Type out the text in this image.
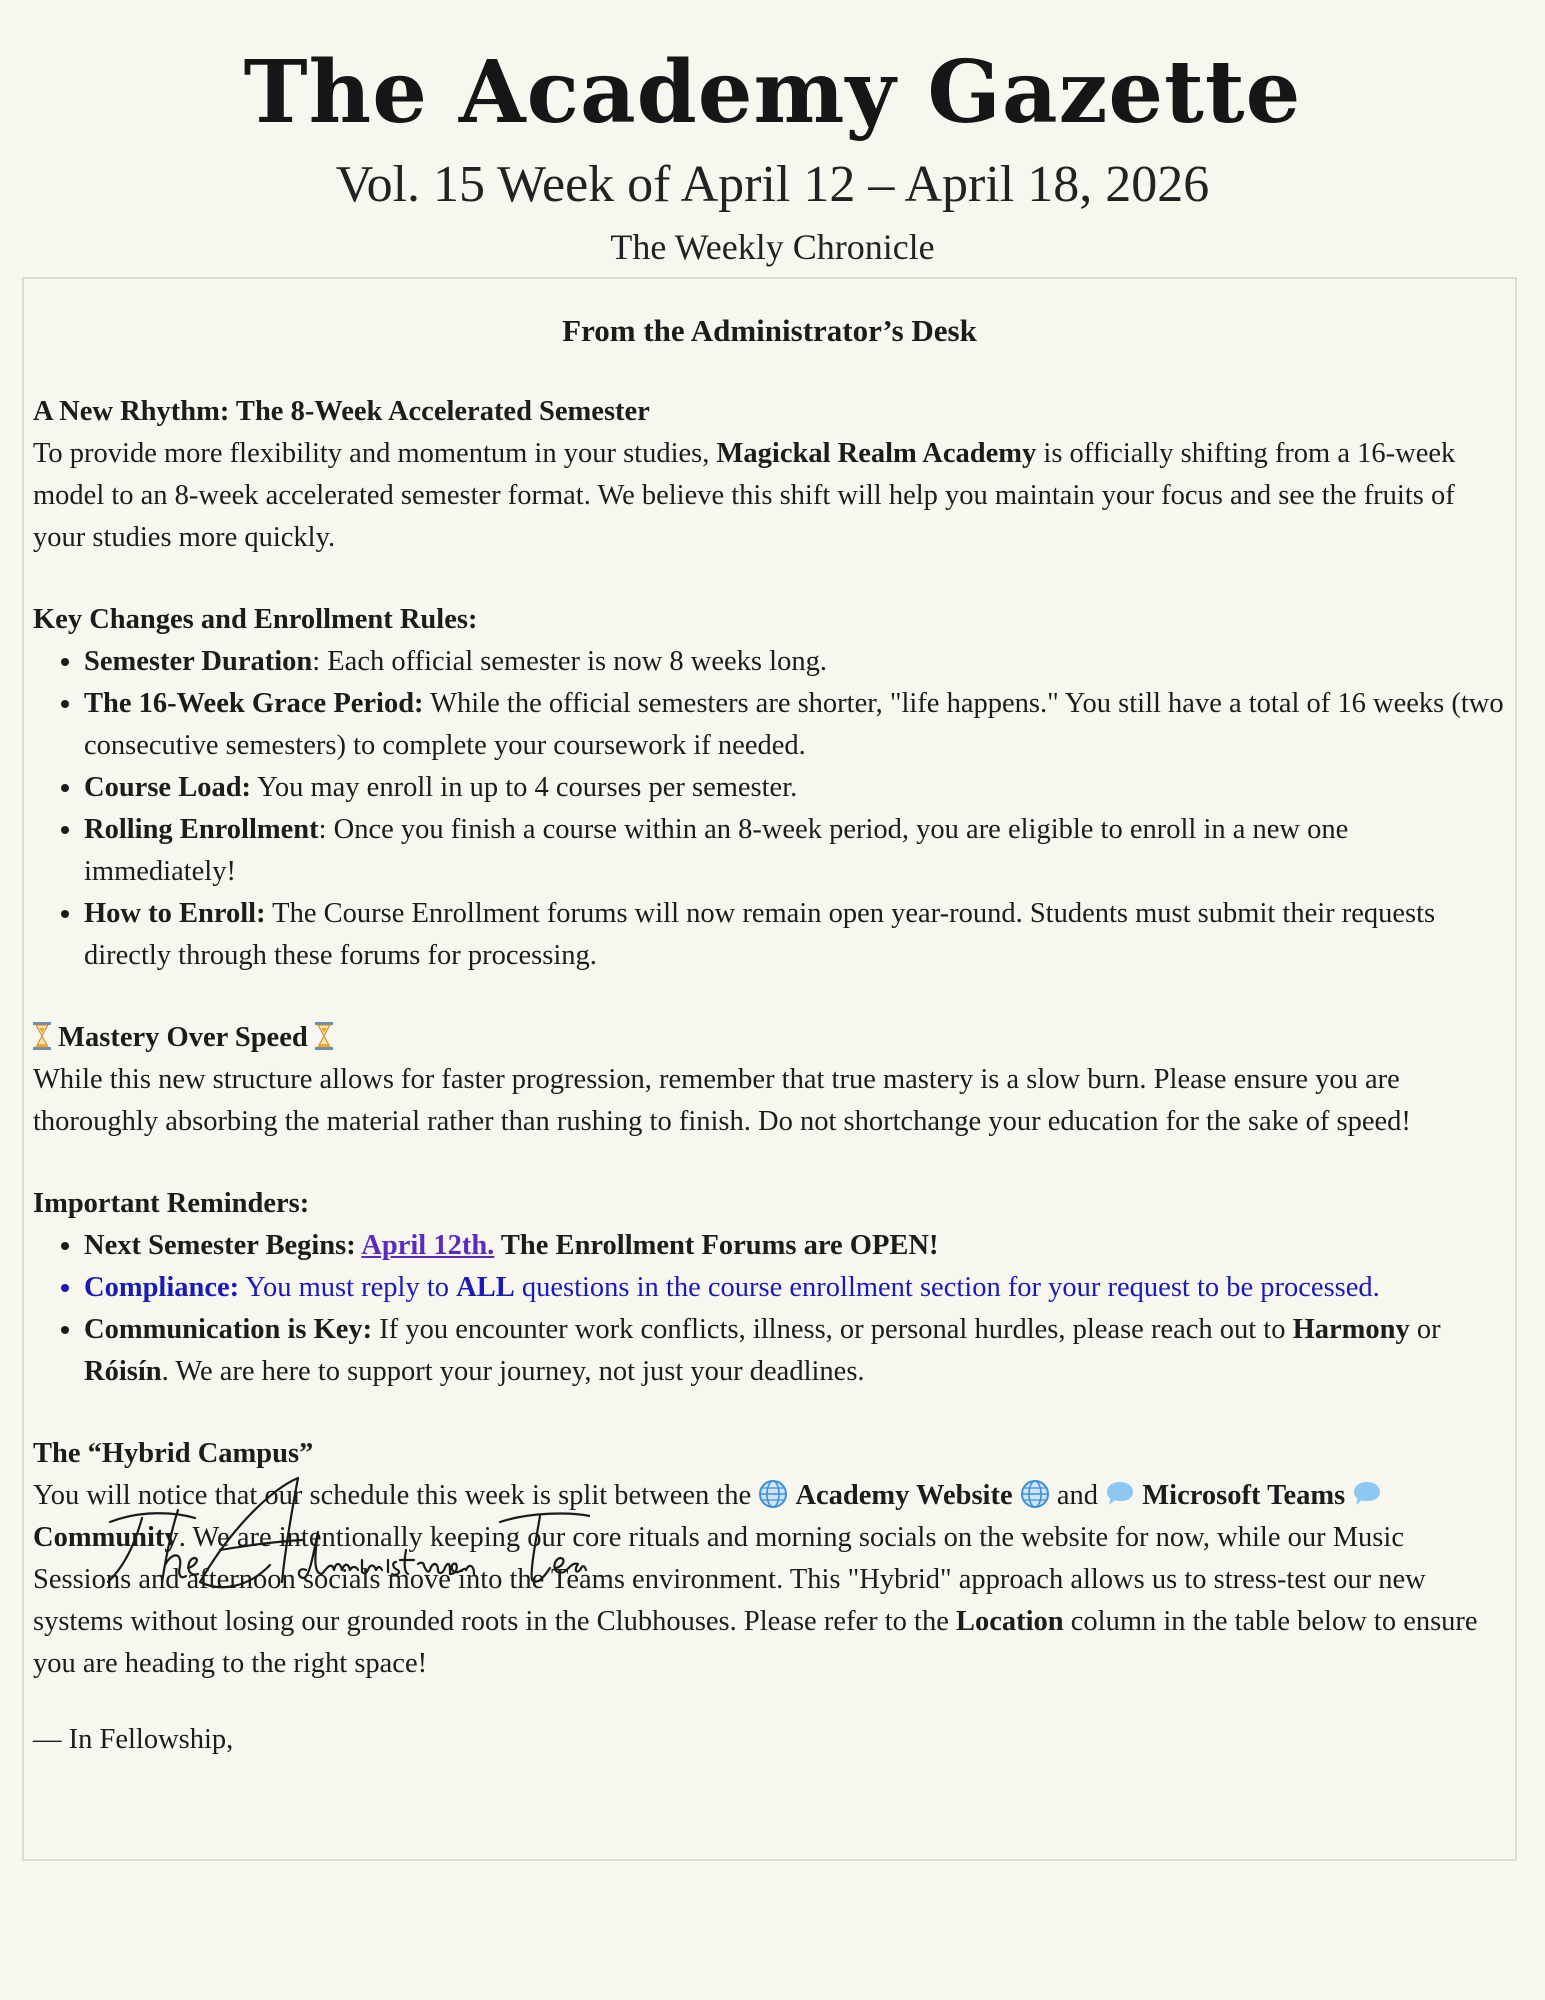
The Academy Gazette
Vol. 15 Week of April 12 – April 18, 2026
The Weekly Chronicle
From the Administrator’s Desk

A New Rhythm: The 8-Week Accelerated Semester

To provide more flexibility and momentum in your studies, Magickal Realm Academy is officially shifting from a 16-week model to an 8-week accelerated semester format. We believe this shift will help you maintain your focus and see the fruits of your studies more quickly.

Key Changes and Enrollment Rules:

• Semester Duration: Each official semester is now 8 weeks long.
• The 16-Week Grace Period: While the official semesters are shorter, "life happens." You still have a total of 16 weeks (two consecutive semesters) to complete your coursework if needed.
• Course Load: You may enroll in up to 4 courses per semester.
• Rolling Enrollment: Once you finish a course within an 8-week period, you are eligible to enroll in a new one immediately!
• How to Enroll: The Course Enrollment forums will now remain open year-round. Students must submit their requests directly through these forums for processing.

Mastery Over Speed

While this new structure allows for faster progression, remember that true mastery is a slow burn. Please ensure you are thoroughly absorbing the material rather than rushing to finish. Do not shortchange your education for the sake of speed!

Important Reminders:

• Next Semester Begins: April 12th. The Enrollment Forums are OPEN!
• Compliance: You must reply to ALL questions in the course enrollment section for your request to be processed.
• Communication is Key: If you encounter work conflicts, illness, or personal hurdles, please reach out to Harmony or Róisín. We are here to support your journey, not just your deadlines.

The “Hybrid Campus”

You will notice that our schedule this week is split between the  Academy Website  and  Microsoft Teams  Community. We are intentionally keeping our core rituals and morning socials on the website for now, while our Music Sessions and afternoon socials move into the Teams environment. This "Hybrid" approach allows us to stress-test our new systems without losing our grounded roots in the Clubhouses. Please refer to the Location column in the table below to ensure you are heading to the right space!

— In Fellowship,
